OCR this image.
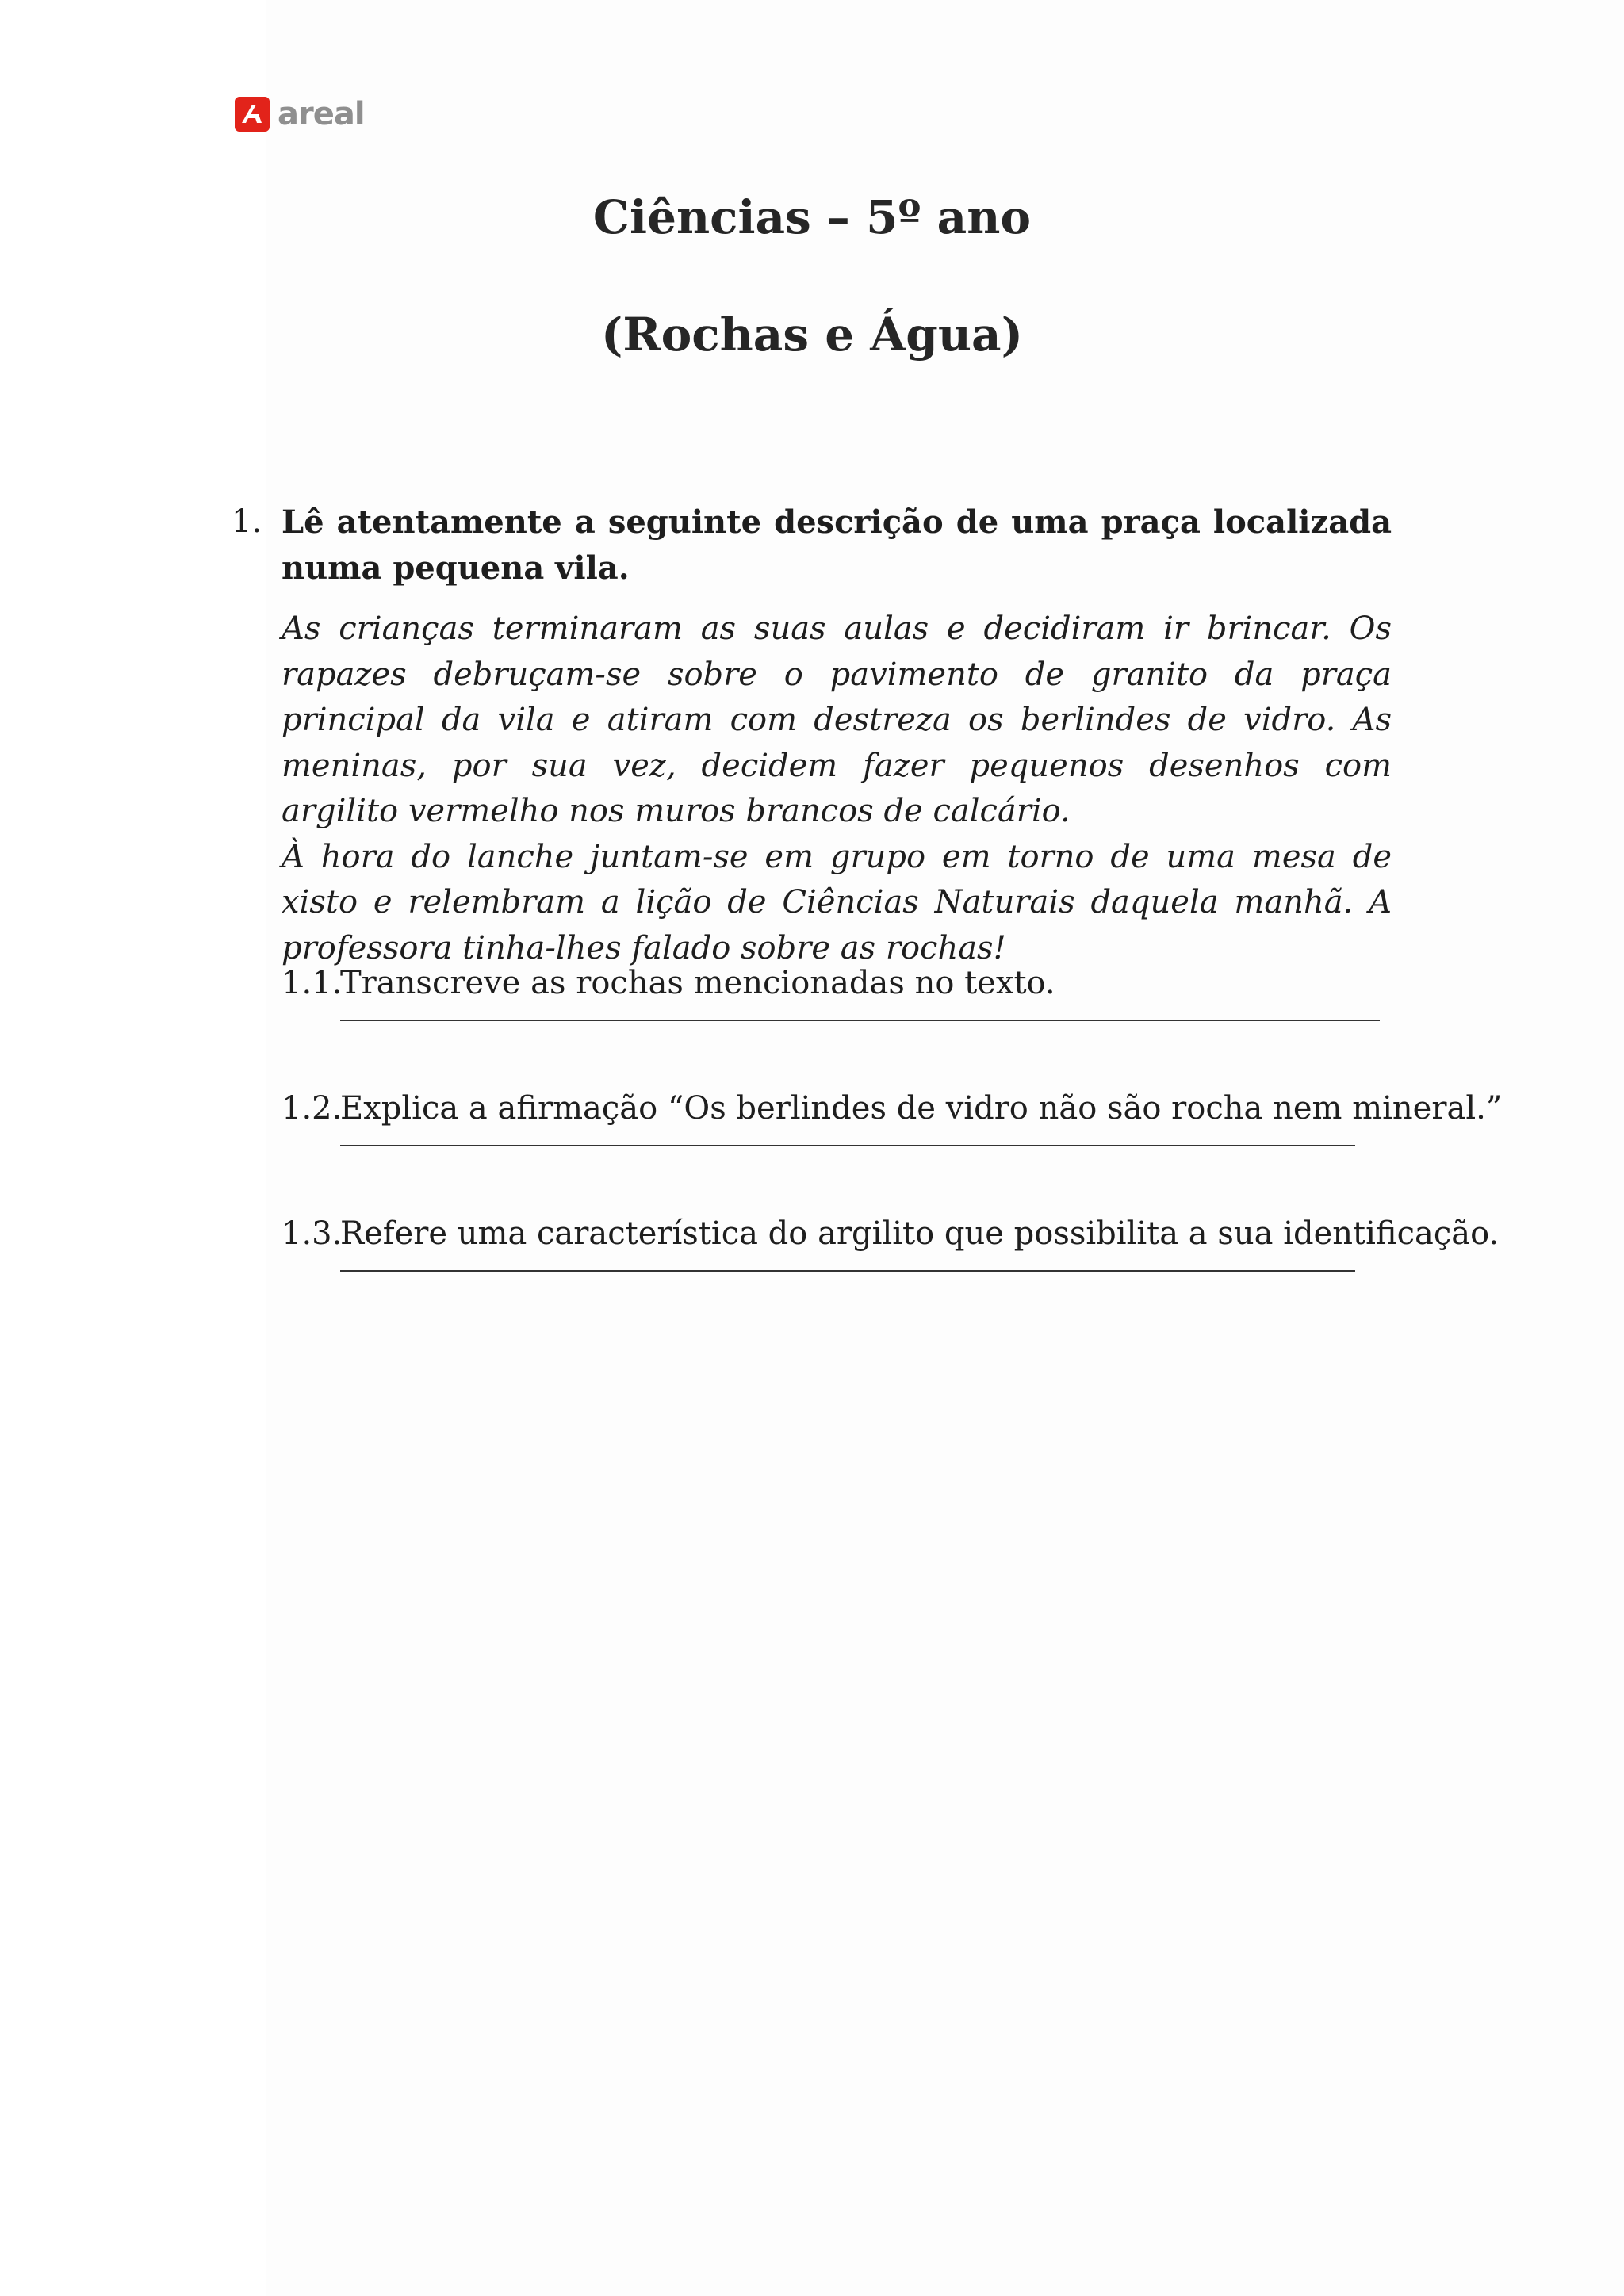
areal
Ciências – 5º ano
(Rochas e Água)
1. Lê atentamente a seguinte descrição de uma praça localizada numa pequena vila.

As crianças terminaram as suas aulas e decidiram ir brincar. Os rapazes debruçam-se sobre o pavimento de granito da praça principal da vila e atiram com destreza os berlindes de vidro. As meninas, por sua vez, decidem fazer pequenos desenhos com argilito vermelho nos muros brancos de calcário.

À hora do lanche juntam-se em grupo em torno de uma mesa de xisto e relembram a lição de Ciências Naturais daquela manhã. A professora tinha-lhes falado sobre as rochas!

1.1.
Transcreve as rochas mencionadas no texto.
1.2.
Explica a afirmação “Os berlindes de vidro não são rocha nem mineral.”
1.3.
Refere uma característica do argilito que possibilita a sua identificação.
